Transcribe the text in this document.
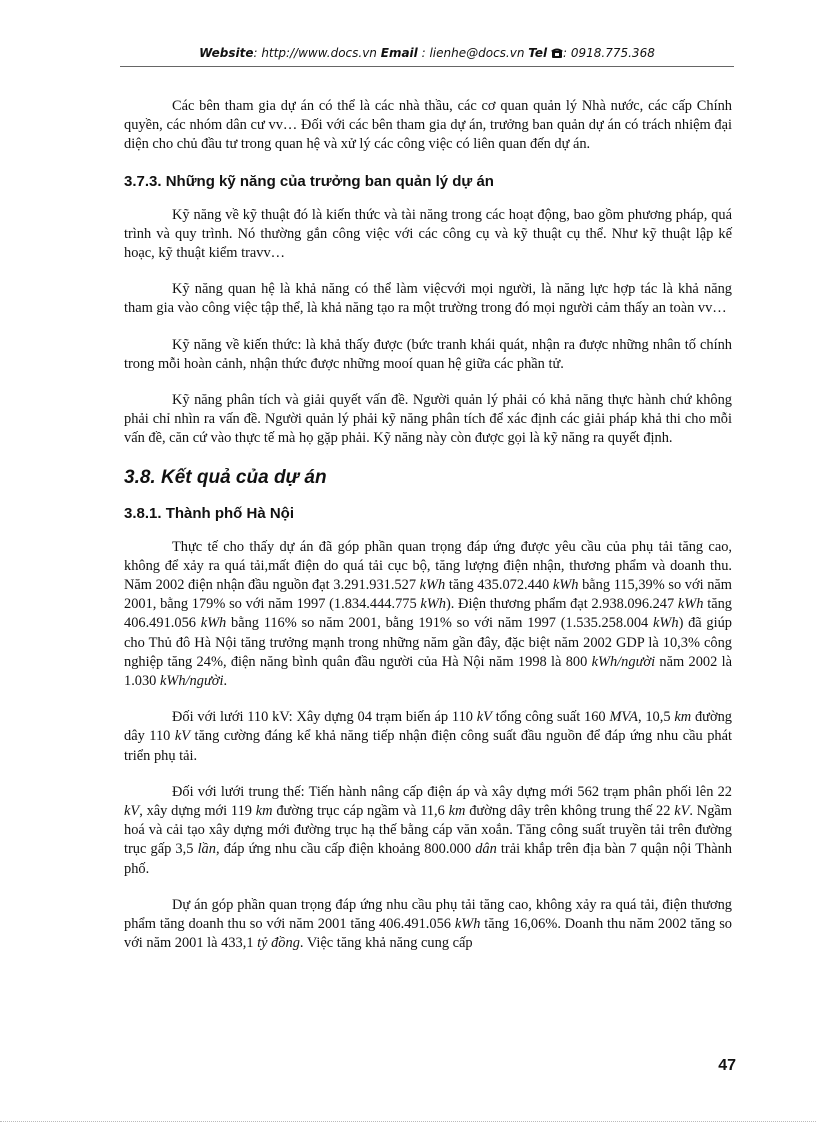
Website: http://www.docs.vn Email : lienhe@docs.vn Tel : 0918.775.368

Các bên tham gia dự án có thể là các nhà thầu, các cơ quan quản lý Nhà nước, các cấp Chính quyền, các nhóm dân cư vv… Đối với các bên tham gia dự án, trưởng ban quản dự án có trách nhiệm đại diện cho chủ đầu tư trong quan hệ và xử lý các công việc có liên quan đến dự án.

3.7.3. Những kỹ năng của trưởng ban quản lý dự án

Kỹ năng về kỹ thuật đó là kiến thức và tài năng trong các hoạt động, bao gồm phương pháp, quá trình và quy trình. Nó thường gắn công việc với các công cụ và kỹ thuật cụ thể. Như kỹ thuật lập kế hoạc, kỹ thuật kiểm travv…

Kỹ năng quan hệ là khả năng có thể làm việcvới mọi người, là năng lực hợp tác là khả năng tham gia vào công việc tập thể, là khả năng tạo ra một trường trong đó mọi người cảm thấy an toàn vv…

Kỹ năng về kiến thức: là khả thấy được (bức tranh khái quát, nhận ra được những nhân tố chính trong mỗi hoàn cảnh, nhận thức được những mooí quan hệ giữa các phần tử.

Kỹ năng phân tích và giải quyết vấn đề. Người quản lý phải có khả năng thực hành chứ không phải chỉ nhìn ra vấn đề. Người quản lý phải kỹ năng phân tích để xác định các giải pháp khả thi cho mỗi vấn đề, căn cứ vào thực tế mà họ gặp phải. Kỹ năng này còn được gọi là kỹ năng ra quyết định.

3.8. Kết quả của dự án
3.8.1. Thành phố Hà Nội

Thực tế cho thấy dự án đã góp phần quan trọng đáp ứng được yêu cầu của phụ tải tăng cao, không để xảy ra quá tải,mất điện do quá tải cục bộ, tăng lượng điện nhận, thương phẩm và doanh thu. Năm 2002 điện nhận đầu nguồn đạt 3.291.931.527 kWh tăng 435.072.440 kWh bằng 115,39% so với năm 2001, bằng 179% so với năm 1997 (1.834.444.775 kWh). Điện thương phẩm đạt 2.938.096.247 kWh tăng 406.491.056 kWh bằng 116% so năm 2001, bằng 191% so với năm 1997 (1.535.258.004 kWh) đã giúp cho Thủ đô Hà Nội tăng trưởng mạnh trong những năm gần đây, đặc biệt năm 2002 GDP là 10,3% công nghiệp tăng 24%, điện năng bình quân đầu người của Hà Nội năm 1998 là 800 kWh/người năm 2002 là 1.030 kWh/người.

Đối với lưới 110 kV: Xây dựng 04 trạm biến áp 110 kV tổng công suất 160 MVA, 10,5 km đường dây 110 kV tăng cường đáng kể khả năng tiếp nhận điện công suất đầu nguồn để đáp ứng nhu cầu phát triển phụ tải.

Đối với lưới trung thế: Tiến hành nâng cấp điện áp và xây dựng mới 562 trạm phân phối lên 22 kV, xây dựng mới 119 km đường trục cáp ngầm và 11,6 km đường dây trên không trung thế 22 kV. Ngầm hoá và cải tạo xây dựng mới đường trục hạ thế bằng cáp văn xoắn. Tăng công suất truyền tải trên đường trục gấp 3,5 lần, đáp ứng nhu cầu cấp điện khoảng 800.000 dân trải khắp trên địa bàn 7 quận nội Thành phố.

Dự án góp phần quan trọng đáp ứng nhu cầu phụ tải tăng cao, không xảy ra quá tải, điện thương phẩm tăng doanh thu so với năm 2001 tăng 406.491.056 kWh tăng 16,06%. Doanh thu năm 2002 tăng so với năm 2001 là 433,1 tỷ đồng. Việc tăng khả năng cung cấp

47
